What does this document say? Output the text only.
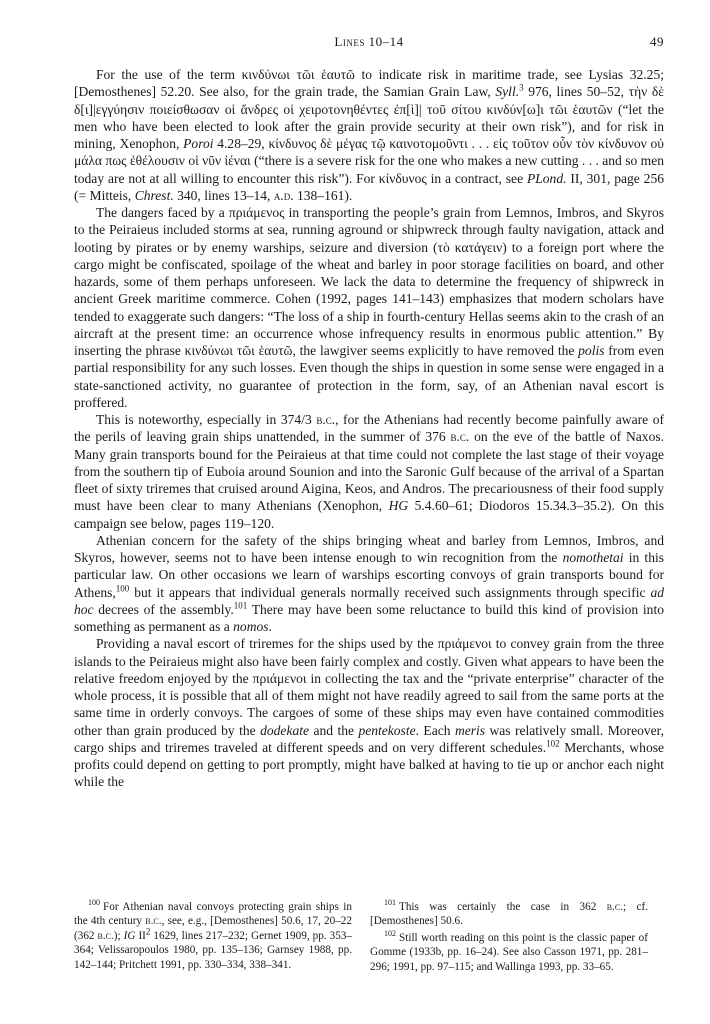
Lines 10–14	49

For the use of the term κινδύνωι τῶι ἑαυτῶ to indicate risk in maritime trade, see Lysias 32.25; [Demosthenes] 52.20. See also, for the grain trade, the Samian Grain Law, Syll.$^3$ 976, lines 50–52, τὴν δὲ δ[ι]|εγγύησιν ποιείσθωσαν οἱ ἄνδρες οἱ χειροτονηθέντες ἐπ[ὶ]| τοῦ σίτου κινδύν[ω]ι τῶι ἑαυτῶν (“let the men who have been elected to look after the grain provide security at their own risk”), and for risk in mining, Xenophon, Poroi 4.28–29, κίνδυνος δὲ μέγας τῷ καινοτομοῦντι . . . εἰς τοῦτον οὖν τὸν κίνδυνον οὐ μάλα πως ἐθέλουσιν οἱ νῦν ἰέναι (“there is a severe risk for the one who makes a new cutting . . . and so men today are not at all willing to encounter this risk”). For κίνδυνος in a contract, see PLond. II, 301, page 256 (= Mitteis, Chrest. 340, lines 13–14, a.d. 138–161).

The dangers faced by a πριάμενος in transporting the people’s grain from Lemnos, Imbros, and Skyros to the Peiraieus included storms at sea, running aground or shipwreck through faulty navigation, attack and looting by pirates or by enemy warships, seizure and diversion (τὸ κατάγειν) to a foreign port where the cargo might be confiscated, spoilage of the wheat and barley in poor storage facilities on board, and other hazards, some of them perhaps unforeseen. We lack the data to determine the frequency of shipwreck in ancient Greek maritime commerce. Cohen (1992, pages 141–143) emphasizes that modern scholars have tended to exaggerate such dangers: “The loss of a ship in fourth-century Hellas seems akin to the crash of an aircraft at the present time: an occurrence whose infrequency results in enormous public attention.” By inserting the phrase κινδύνωι τῶι ἑαυτῶ, the lawgiver seems explicitly to have removed the polis from even partial responsibility for any such losses. Even though the ships in question in some sense were engaged in a state-sanctioned activity, no guarantee of protection in the form, say, of an Athenian naval escort is proffered.

This is noteworthy, especially in 374/3 b.c., for the Athenians had recently become painfully aware of the perils of leaving grain ships unattended, in the summer of 376 b.c. on the eve of the battle of Naxos. Many grain transports bound for the Peiraieus at that time could not complete the last stage of their voyage from the southern tip of Euboia around Sounion and into the Saronic Gulf because of the arrival of a Spartan fleet of sixty triremes that cruised around Aigina, Keos, and Andros. The precariousness of their food supply must have been clear to many Athenians (Xenophon, HG 5.4.60–61; Diodoros 15.34.3–35.2). On this campaign see below, pages 119–120.

Athenian concern for the safety of the ships bringing wheat and barley from Lemnos, Imbros, and Skyros, however, seems not to have been intense enough to win recognition from the nomothetai in this particular law. On other occasions we learn of warships escorting convoys of grain transports bound for Athens,$^{100}$ but it appears that individual generals normally received such assignments through specific ad hoc decrees of the assembly.$^{101}$ There may have been some reluctance to build this kind of provision into something as permanent as a nomos.

Providing a naval escort of triremes for the ships used by the πριάμενοι to convey grain from the three islands to the Peiraieus might also have been fairly complex and costly. Given what appears to have been the relative freedom enjoyed by the πριάμενοι in collecting the tax and the “private enterprise” character of the whole process, it is possible that all of them might not have readily agreed to sail from the same ports at the same time in orderly convoys. The cargoes of some of these ships may even have contained commodities other than grain produced by the dodekate and the pentekoste. Each meris was relatively small. Moreover, cargo ships and triremes traveled at different speeds and on very different schedules.$^{102}$ Merchants, whose profits could depend on getting to port promptly, might have balked at having to tie up or anchor each night while the

$^{100}$ For Athenian naval convoys protecting grain ships in the 4th century b.c., see, e.g., [Demosthenes] 50.6, 17, 20–22 (362 b.c.); IG $II^2$ 1629, lines 217–232; Gernet 1909, pp. 353–364; Velissaropoulos 1980, pp. 135–136; Garnsey 1988, pp. 142–144; Pritchett 1991, pp. 330–334, 338–341.

$^{101}$ This was certainly the case in 362 b.c.; cf. [Demosthenes] 50.6.

$^{102}$ Still worth reading on this point is the classic paper of Gomme (1933b, pp. 16–24). See also Casson 1971, pp. 281–296; 1991, pp. 97–115; and Wallinga 1993, pp. 33–65.
